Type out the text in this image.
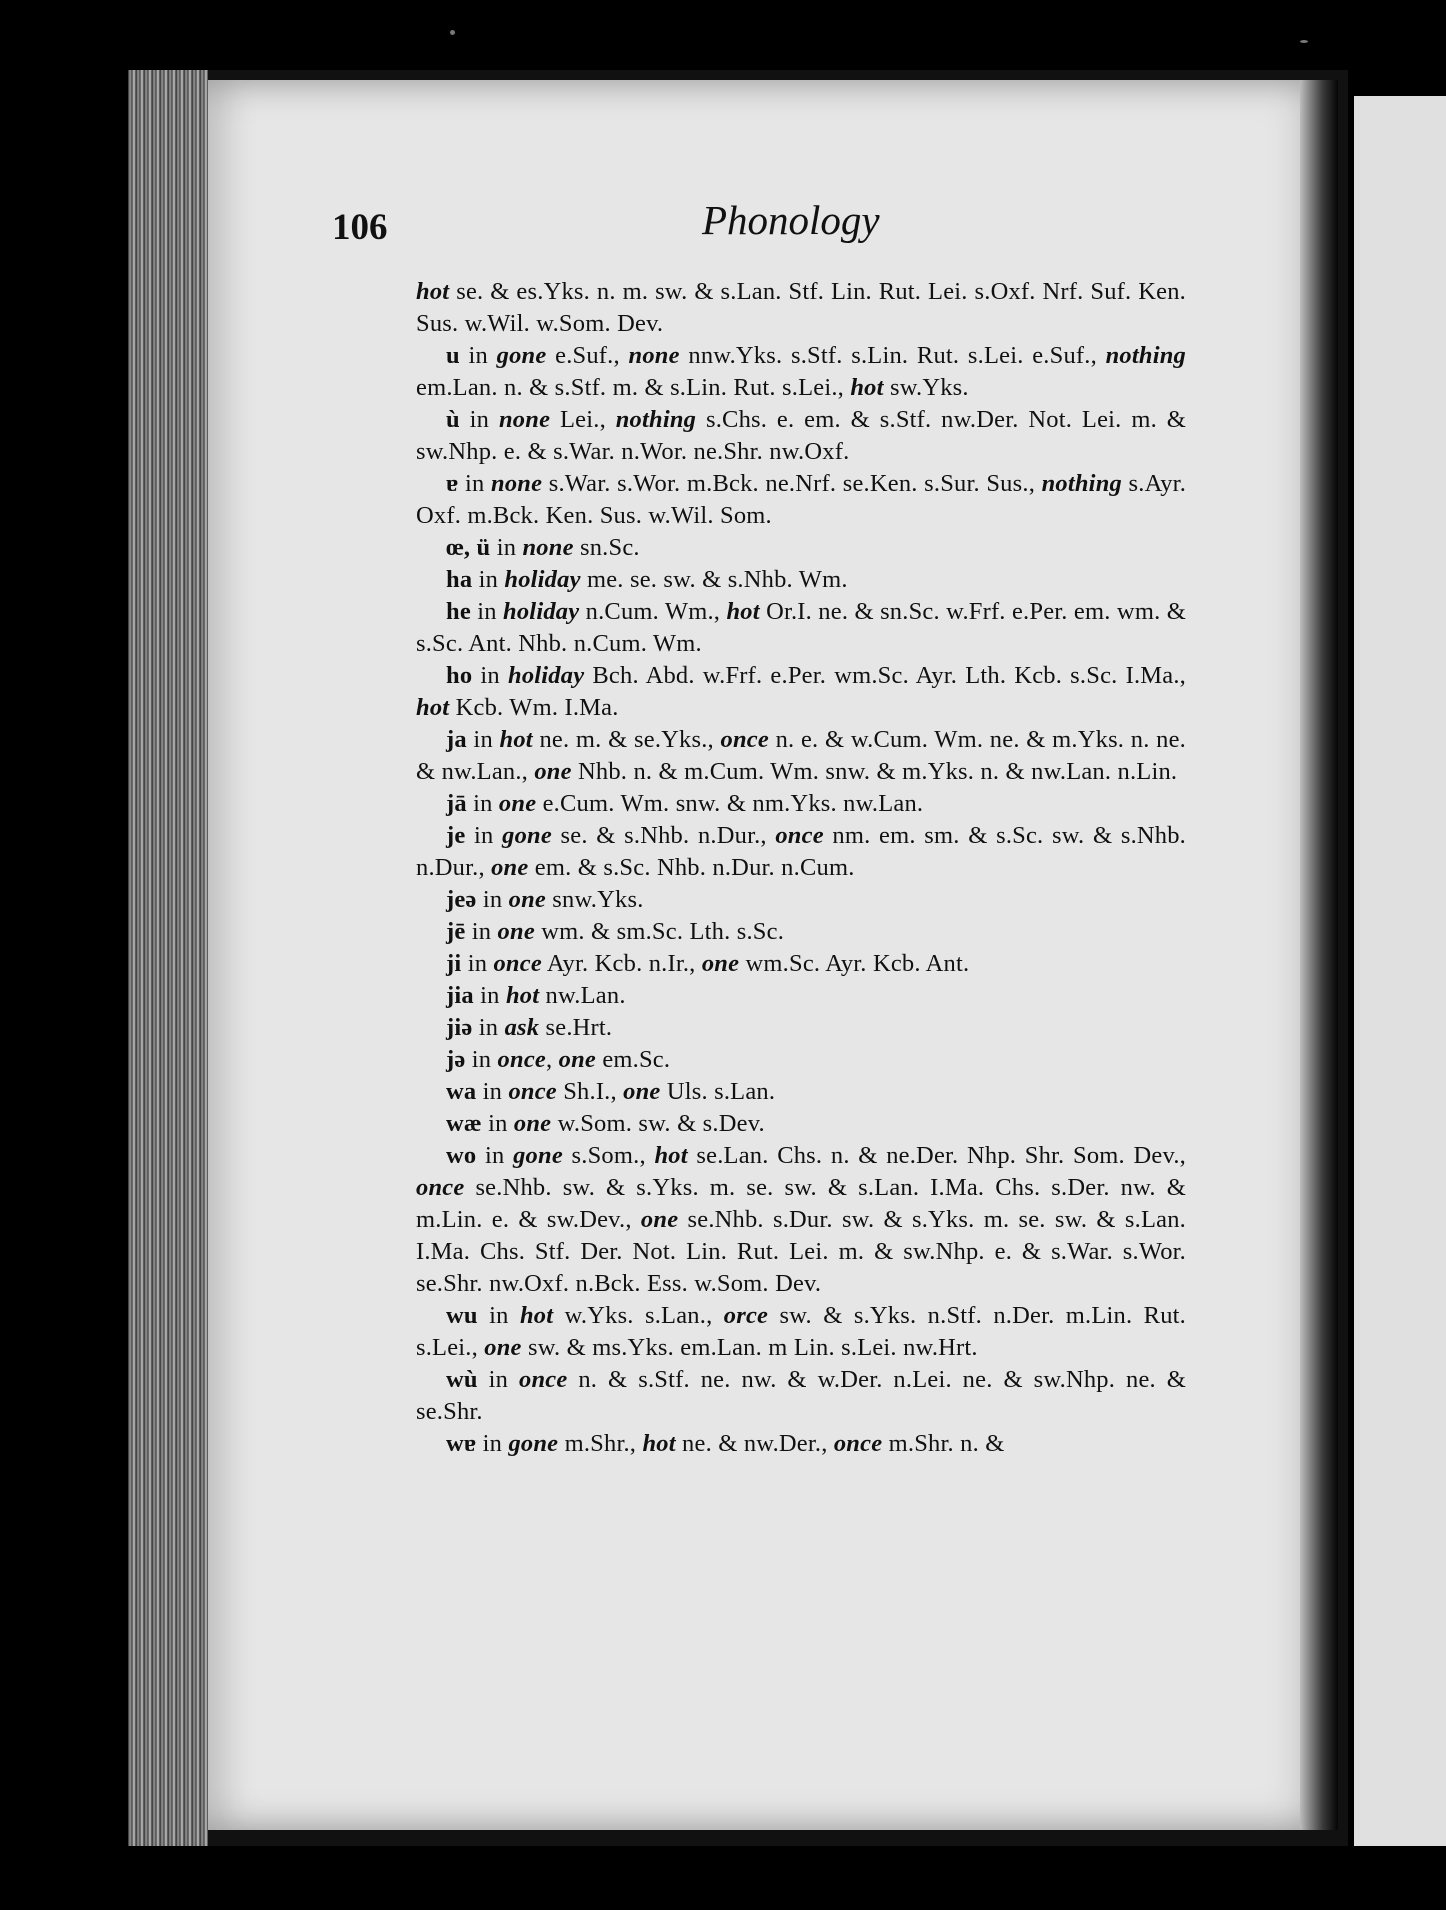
106	Phonology

hot se. & es.Yks. n. m. sw. & s.Lan. Stf. Lin. Rut. Lei. s.Oxf. Nrf. Suf. Ken. Sus. w.Wil. w.Som. Dev.

u in gone e.Suf., none nnw.Yks. s.Stf. s.Lin. Rut. s.Lei. e.Suf., nothing em.Lan. n. & s.Stf. m. & s.Lin. Rut. s.Lei., hot sw.Yks.

ù in none Lei., nothing s.Chs. e. em. & s.Stf. nw.Der. Not. Lei. m. & sw.Nhp. e. & s.War. n.Wor. ne.Shr. nw.Oxf.

ɐ in none s.War. s.Wor. m.Bck. ne.Nrf. se.Ken. s.Sur. Sus., nothing s.Ayr. Oxf. m.Bck. Ken. Sus. w.Wil. Som.

œ, ü in none sn.Sc.

ha in holiday me. se. sw. & s.Nhb. Wm.

he in holiday n.Cum. Wm., hot Or.I. ne. & sn.Sc. w.Frf. e.Per. em. wm. & s.Sc. Ant. Nhb. n.Cum. Wm.

ho in holiday Bch. Abd. w.Frf. e.Per. wm.Sc. Ayr. Lth. Kcb. s.Sc. I.Ma., hot Kcb. Wm. I.Ma.

ja in hot ne. m. & se.Yks., once n. e. & w.Cum. Wm. ne. & m.Yks. n. ne. & nw.Lan., one Nhb. n. & m.Cum. Wm. snw. & m.Yks. n. & nw.Lan. n.Lin.

jā in one e.Cum. Wm. snw. & nm.Yks. nw.Lan.

je in gone se. & s.Nhb. n.Dur., once nm. em. sm. & s.Sc. sw. & s.Nhb. n.Dur., one em. & s.Sc. Nhb. n.Dur. n.Cum.

jeə in one snw.Yks.

jē in one wm. & sm.Sc. Lth. s.Sc.

ji in once Ayr. Kcb. n.Ir., one wm.Sc. Ayr. Kcb. Ant.

jia in hot nw.Lan.

jiə in ask se.Hrt.

jə in once, one em.Sc.

wa in once Sh.I., one Uls. s.Lan.

wæ in one w.Som. sw. & s.Dev.

wo in gone s.Som., hot se.Lan. Chs. n. & ne.Der. Nhp. Shr. Som. Dev., once se.Nhb. sw. & s.Yks. m. se. sw. & s.Lan. I.Ma. Chs. s.Der. nw. & m.Lin. e. & sw.Dev., one se.Nhb. s.Dur. sw. & s.Yks. m. se. sw. & s.Lan. I.Ma. Chs. Stf. Der. Not. Lin. Rut. Lei. m. & sw.Nhp. e. & s.War. s.Wor. se.Shr. nw.Oxf. n.Bck. Ess. w.Som. Dev.

wu in hot w.Yks. s.Lan., orce sw. & s.Yks. n.Stf. n.Der. m.Lin. Rut. s.Lei., one sw. & ms.Yks. em.Lan. m Lin. s.Lei. nw.Hrt.

wù in once n. & s.Stf. ne. nw. & w.Der. n.Lei. ne. & sw.Nhp. ne. & se.Shr.

wɐ in gone m.Shr., hot ne. & nw.Der., once m.Shr. n. &
